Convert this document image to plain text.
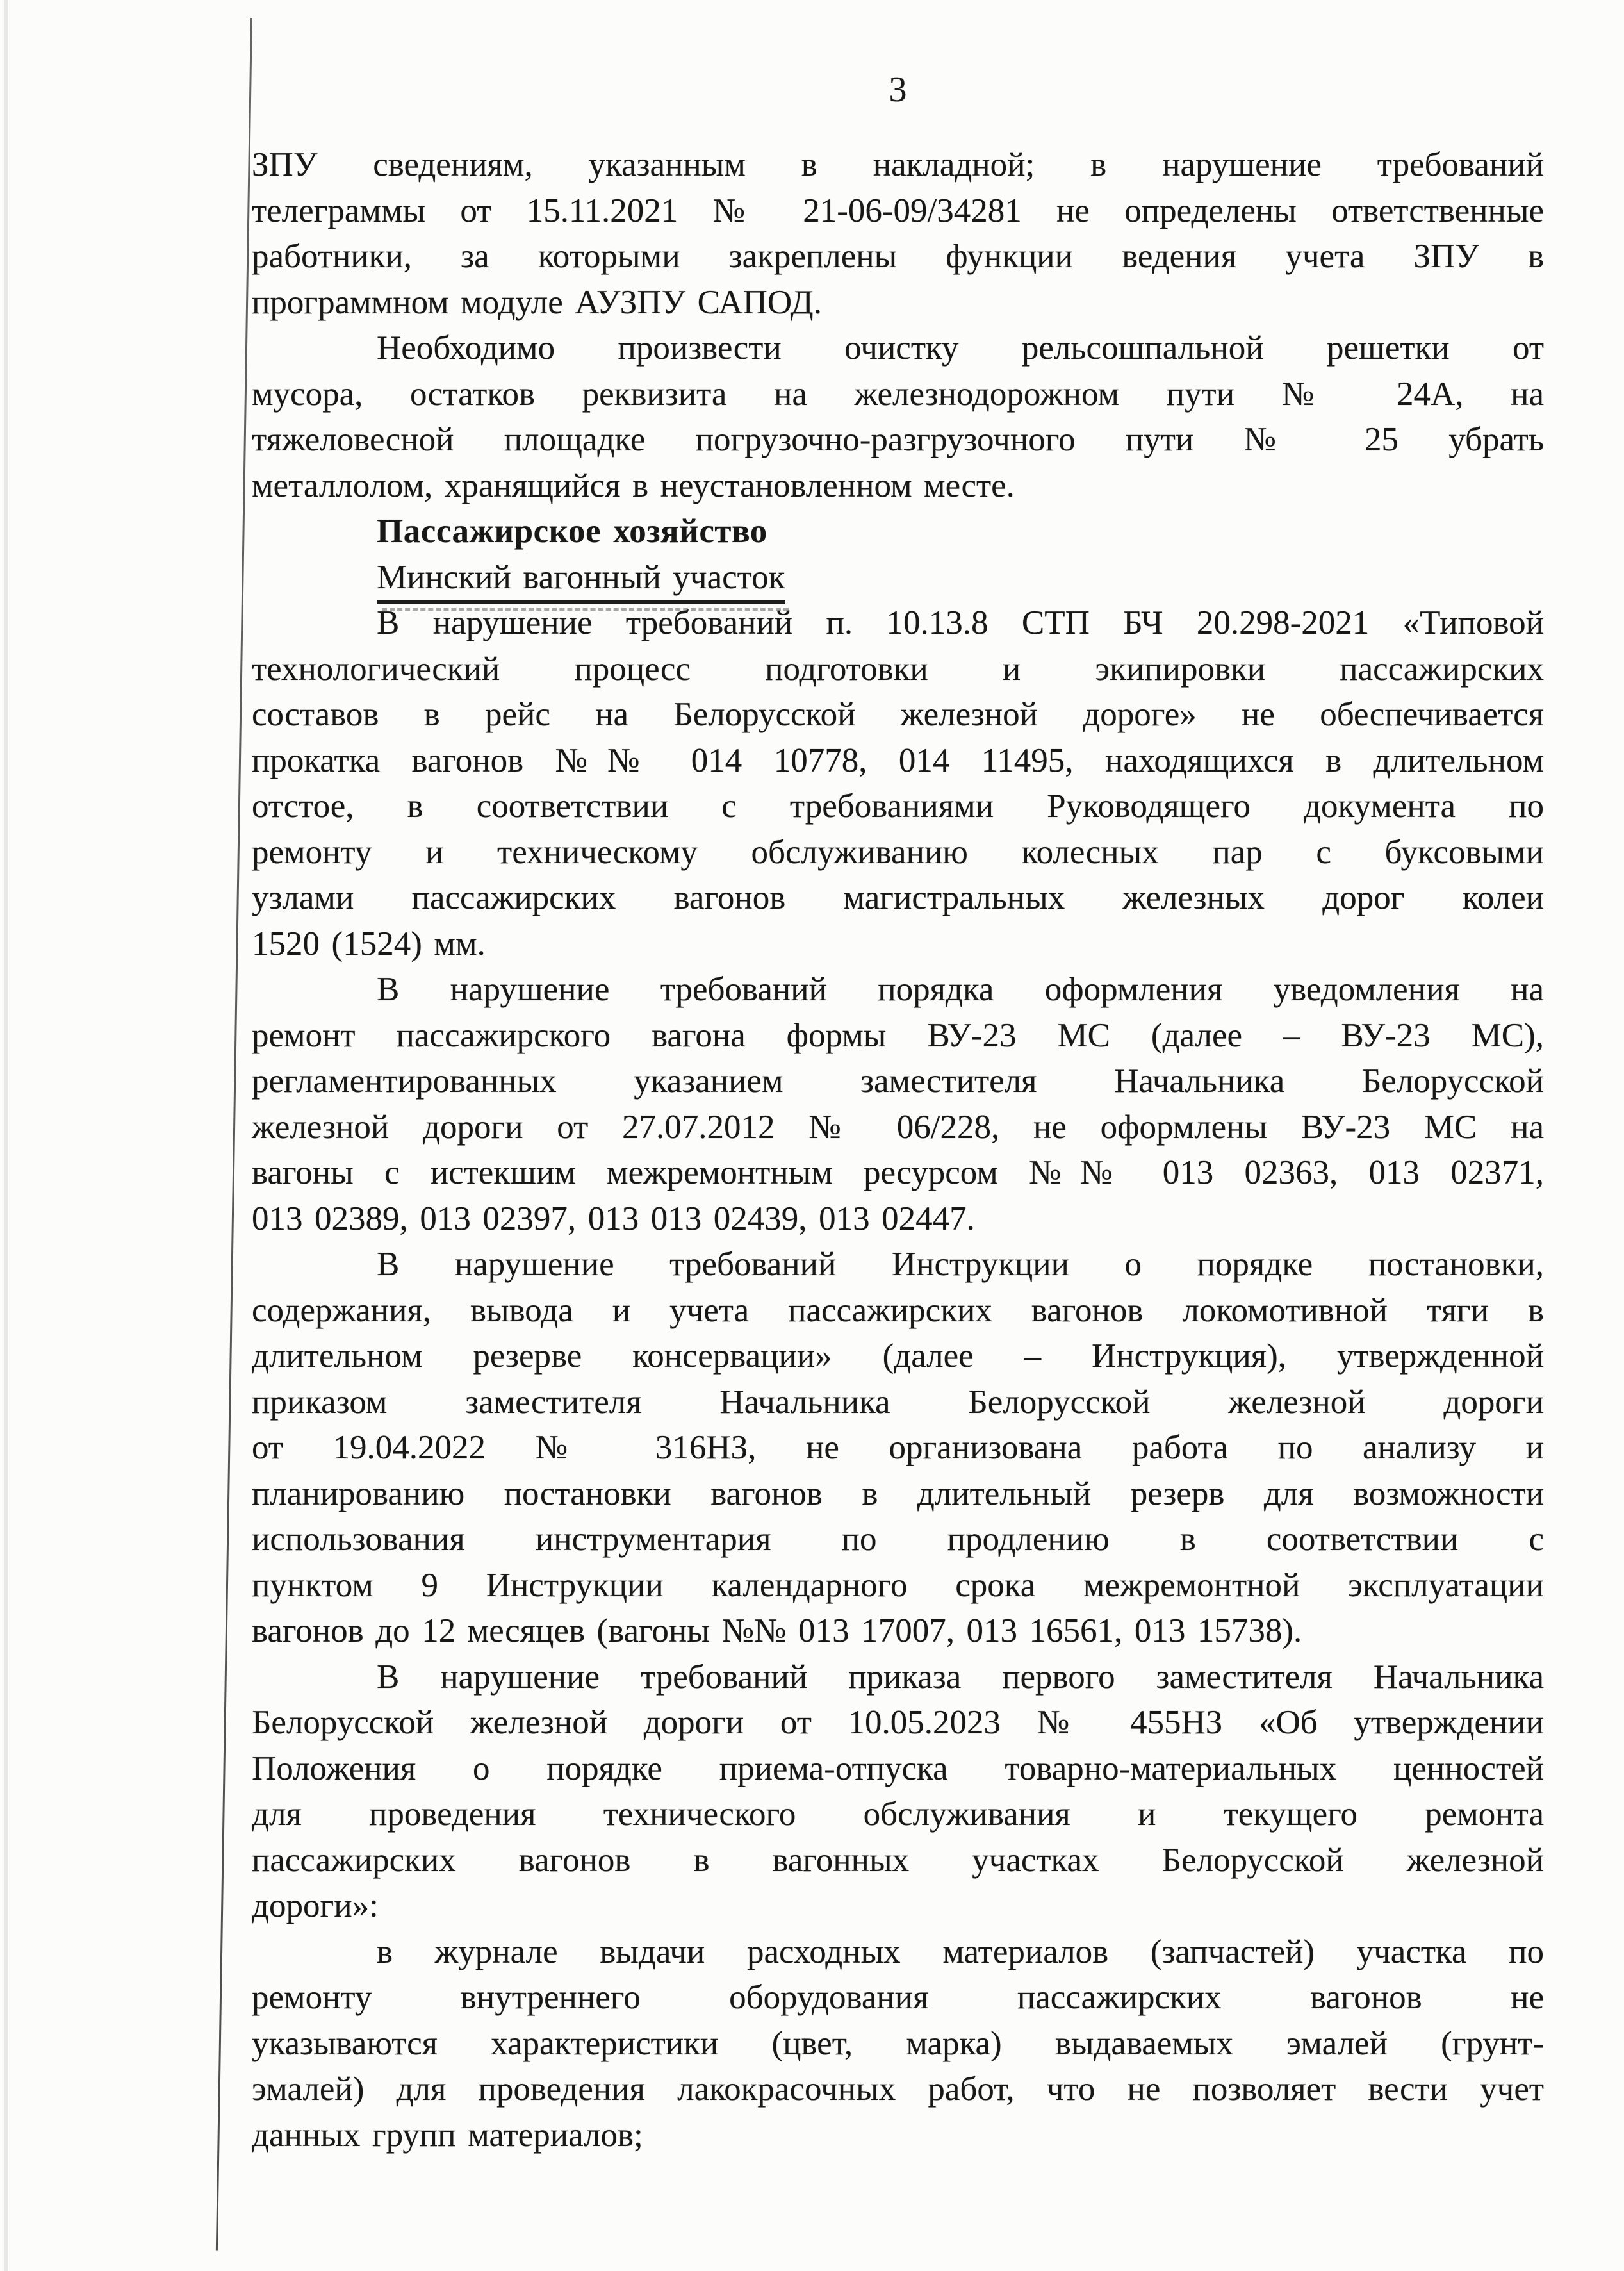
3
ЗПУ сведениям, указанным в накладной; в нарушение требований
телеграммы от 15.11.2021 № 21-06-09/34281 не определены ответственные
работники, за которыми закреплены функции ведения учета ЗПУ в
программном модуле АУЗПУ САПОД.
Необходимо произвести очистку рельсошпальной решетки от
мусора, остатков реквизита на железнодорожном пути № 24А, на
тяжеловесной площадке погрузочно-разгрузочного пути № 25 убрать
металлолом, хранящийся в неустановленном месте.
Пассажирское хозяйство
Минский вагонный участок
В нарушение требований п. 10.13.8 СТП БЧ 20.298-2021 «Типовой
технологический процесс подготовки и экипировки пассажирских
составов в рейс на Белорусской железной дороге» не обеспечивается
прокатка вагонов №№ 014 10778, 014 11495, находящихся в длительном
отстое, в соответствии с требованиями Руководящего документа по
ремонту и техническому обслуживанию колесных пар с буксовыми
узлами пассажирских вагонов магистральных железных дорог колеи
1520 (1524) мм.
В нарушение требований порядка оформления уведомления на
ремонт пассажирского вагона формы ВУ-23 МС (далее – ВУ-23 МС),
регламентированных указанием заместителя Начальника Белорусской
железной дороги от 27.07.2012 № 06/228, не оформлены ВУ-23 МС на
вагоны с истекшим межремонтным ресурсом №№ 013 02363, 013 02371,
013 02389, 013 02397, 013 013 02439, 013 02447.
В нарушение требований Инструкции о порядке постановки,
содержания, вывода и учета пассажирских вагонов локомотивной тяги в
длительном резерве консервации» (далее – Инструкция), утвержденной
приказом заместителя Начальника Белорусской железной дороги
от 19.04.2022 № 316НЗ, не организована работа по анализу и
планированию постановки вагонов в длительный резерв для возможности
использования инструментария по продлению в соответствии с
пунктом 9 Инструкции календарного срока межремонтной эксплуатации
вагонов до 12 месяцев (вагоны №№ 013 17007, 013 16561, 013 15738).
В нарушение требований приказа первого заместителя Начальника
Белорусской железной дороги от 10.05.2023 № 455НЗ «Об утверждении
Положения о порядке приема-отпуска товарно-материальных ценностей
для проведения технического обслуживания и текущего ремонта
пассажирских вагонов в вагонных участках Белорусской железной
дороги»:
в журнале выдачи расходных материалов (запчастей) участка по
ремонту внутреннего оборудования пассажирских вагонов не
указываются характеристики (цвет, марка) выдаваемых эмалей (грунт-
эмалей) для проведения лакокрасочных работ, что не позволяет вести учет
данных групп материалов;
